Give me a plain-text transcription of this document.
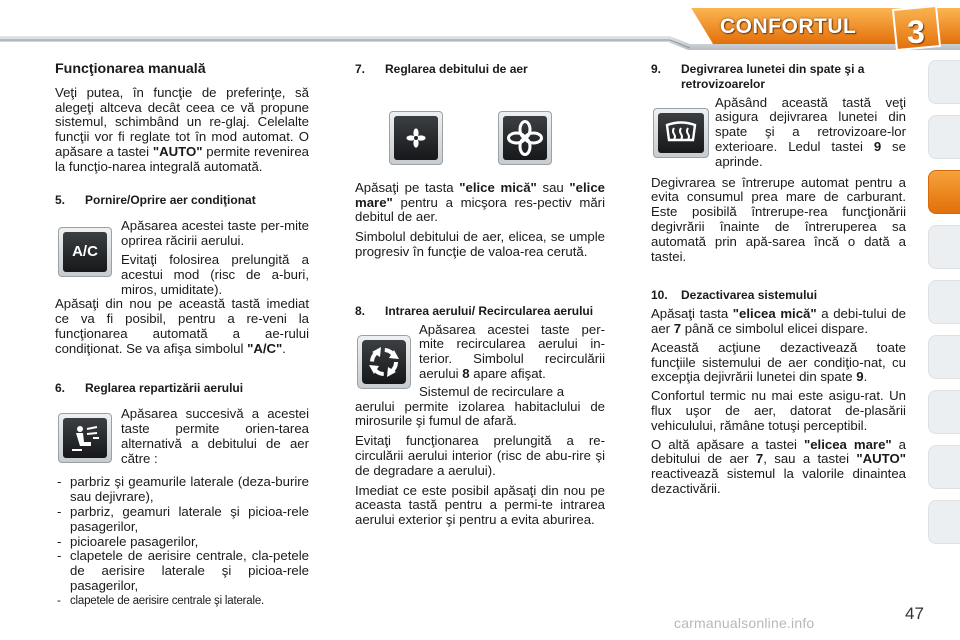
CONFORTUL	3
Funcţionarea manuală

Veţi putea, în funcţie de preferinţe, să alegeţi altceva decât ceea ce vă propune sistemul, schimbând un re-glaj. Celelalte funcţii vor fi reglate tot în mod automat. O apăsare a tastei "AUTO" permite revenirea la funcţio-narea integrală automată.

5.	Pornire/Oprire aer condiţionat
A/C

Apăsarea acestei taste per-mite oprirea răcirii aerului.

Evitaţi folosirea prelungită a acestui mod (risc de a-buri, miros, umiditate).

Apăsaţi din nou pe această tastă imediat ce va fi posibil, pentru a re-veni la funcţionarea automată a ae-rului condiţionat. Se va afişa simbolul "A/C".

6.	Reglarea repartizării aerului

Apăsarea succesivă a acestei taste permite orien-tarea alternativă a debitului de aer către :

- parbriz şi geamurile laterale (deza-burire sau dejivrare),
- parbriz, geamuri laterale şi picioa-rele pasagerilor,
- picioarele pasagerilor,
- clapetele de aerisire centrale, cla-petele de aerisire laterale şi picioa-rele pasagerilor,
- clapetele de aerisire centrale şi laterale.
7.	Reglarea debitului de aer

Apăsaţi pe tasta "elice mică" sau "elice mare" pentru a micşora res-pectiv mări debitul de aer.

Simbolul debitului de aer, elicea, se umple progresiv în funcţie de valoa-rea cerută.

8.	Intrarea aerului/ Recircularea aerului

Apăsarea acestei taste per-mite recircularea aerului in-terior. Simbolul recirculării aerului 8 apare afişat.

Sistemul de recirculare a

aerului permite izolarea habitaclului de mirosurile şi fumul de afară.

Evitaţi funcţionarea prelungită a re-circulării aerului interior (risc de abu-rire şi de degradare a aerului).

Imediat ce este posibil apăsaţi din nou pe aceasta tastă pentru a permi-te intrarea aerului exterior şi pentru a evita aburirea.

9.	Degivrarea lunetei din spate şi a retrovizoarelor

Apăsând această tastă veţi asigura dejivrarea lunetei din spate şi a retrovizoare-lor exterioare. Ledul tastei 9 se aprinde.

Degivrarea se întrerupe automat pentru a evita consumul prea mare de carburant. Este posibilă întrerupe-rea funcţionării degivrării înainte de întreruperea sa automată prin apă-sarea încă o dată a tastei.

10.	Dezactivarea sistemului

Apăsaţi tasta "elicea mică" a debi-tului de aer 7 până ce simbolul elicei dispare.

Această acţiune dezactivează toate funcţiile sistemului de aer condiţio-nat, cu excepţia dejivrării lunetei din spate 9.

Confortul termic nu mai este asigu-rat. Un flux uşor de aer, datorat de-plasării vehiculului, rămâne totuşi perceptibil.

O altă apăsare a tastei "elicea mare" a debitului de aer 7, sau a tastei "AUTO" reactivează sistemul la valorile dinaintea dezactivării.

47
carmanualsonline.info
